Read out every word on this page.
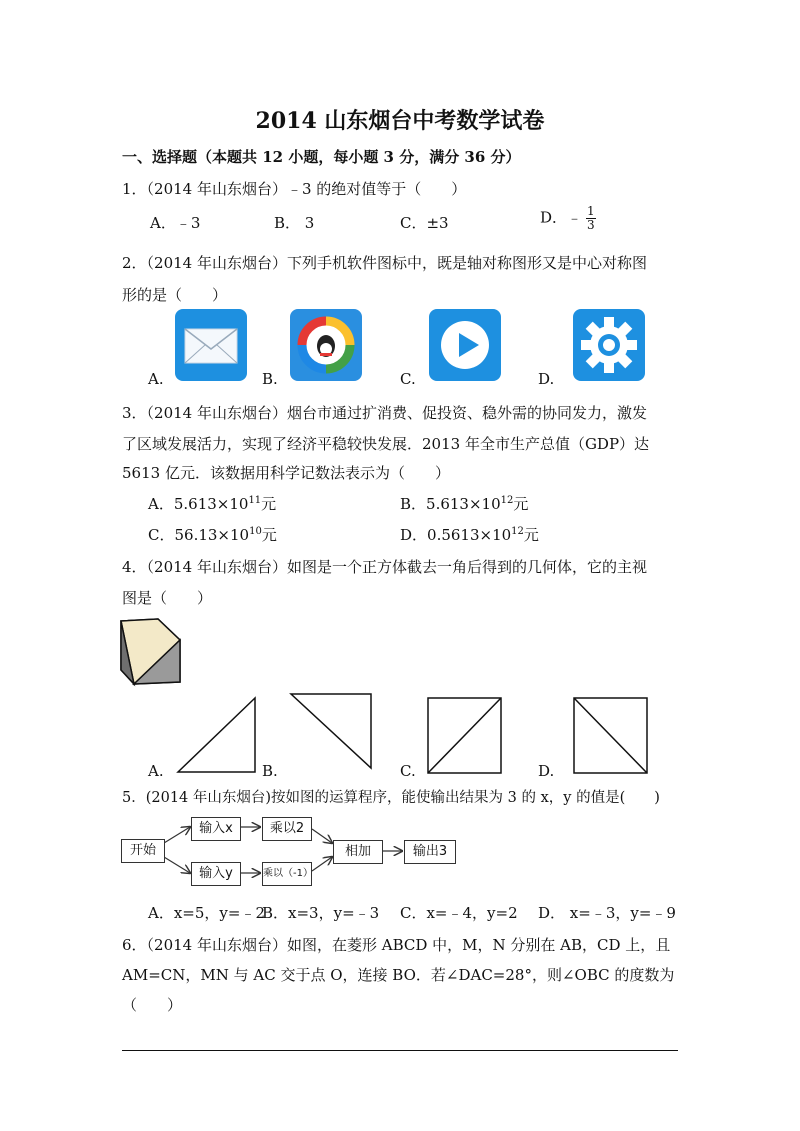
2014 山东烟台中考数学试卷
一、选择题（本题共 12 小题，每小题 3 分，满分 36 分）
1．（2014 年山东烟台）﹣3 的绝对值等于（　　）
A．﹣3	B． 3	C．±3	D．﹣ $\frac{1}{3}$
2．（2014 年山东烟台）下列手机软件图标中，既是轴对称图形又是中心对称图
形的是（　　）
A.	B.	C.	D.
3．（2014 年山东烟台）烟台市通过扩消费、促投资、稳外需的协同发力，激发
了区域发展活力，实现了经济平稳较快发展．2013 年全市生产总值（GDP）达
5613 亿元．该数据用科学记数法表示为（　　）
A．$5.613\times 10^{11}$元	B．$5.613\times 10^{12}$元
C．$56.13\times 10^{10}$元	D．$0.5613\times 10^{12}$元
4．（2014 年山东烟台）如图是一个正方体截去一角后得到的几何体，它的主视
图是（　　）
A.	B.	C.	D.
5．(2014 年山东烟台)按如图的运算程序，能使输出结果为 3 的 x，y 的值是(　　)
开始
输入x	乘以2
输入y	乘以（-1）
相加	输出3
A．x=5，y=﹣2
B．x=3，y=﹣3 C．x=﹣4，y=2 D． x=﹣3，y=﹣9
6．（2014 年山东烟台）如图，在菱形 ABCD 中，M，N 分别在 AB，CD 上，且
AM=CN，MN 与 AC 交于点 O，连接 BO．若∠DAC=28°，则∠OBC 的度数为
（　　）
